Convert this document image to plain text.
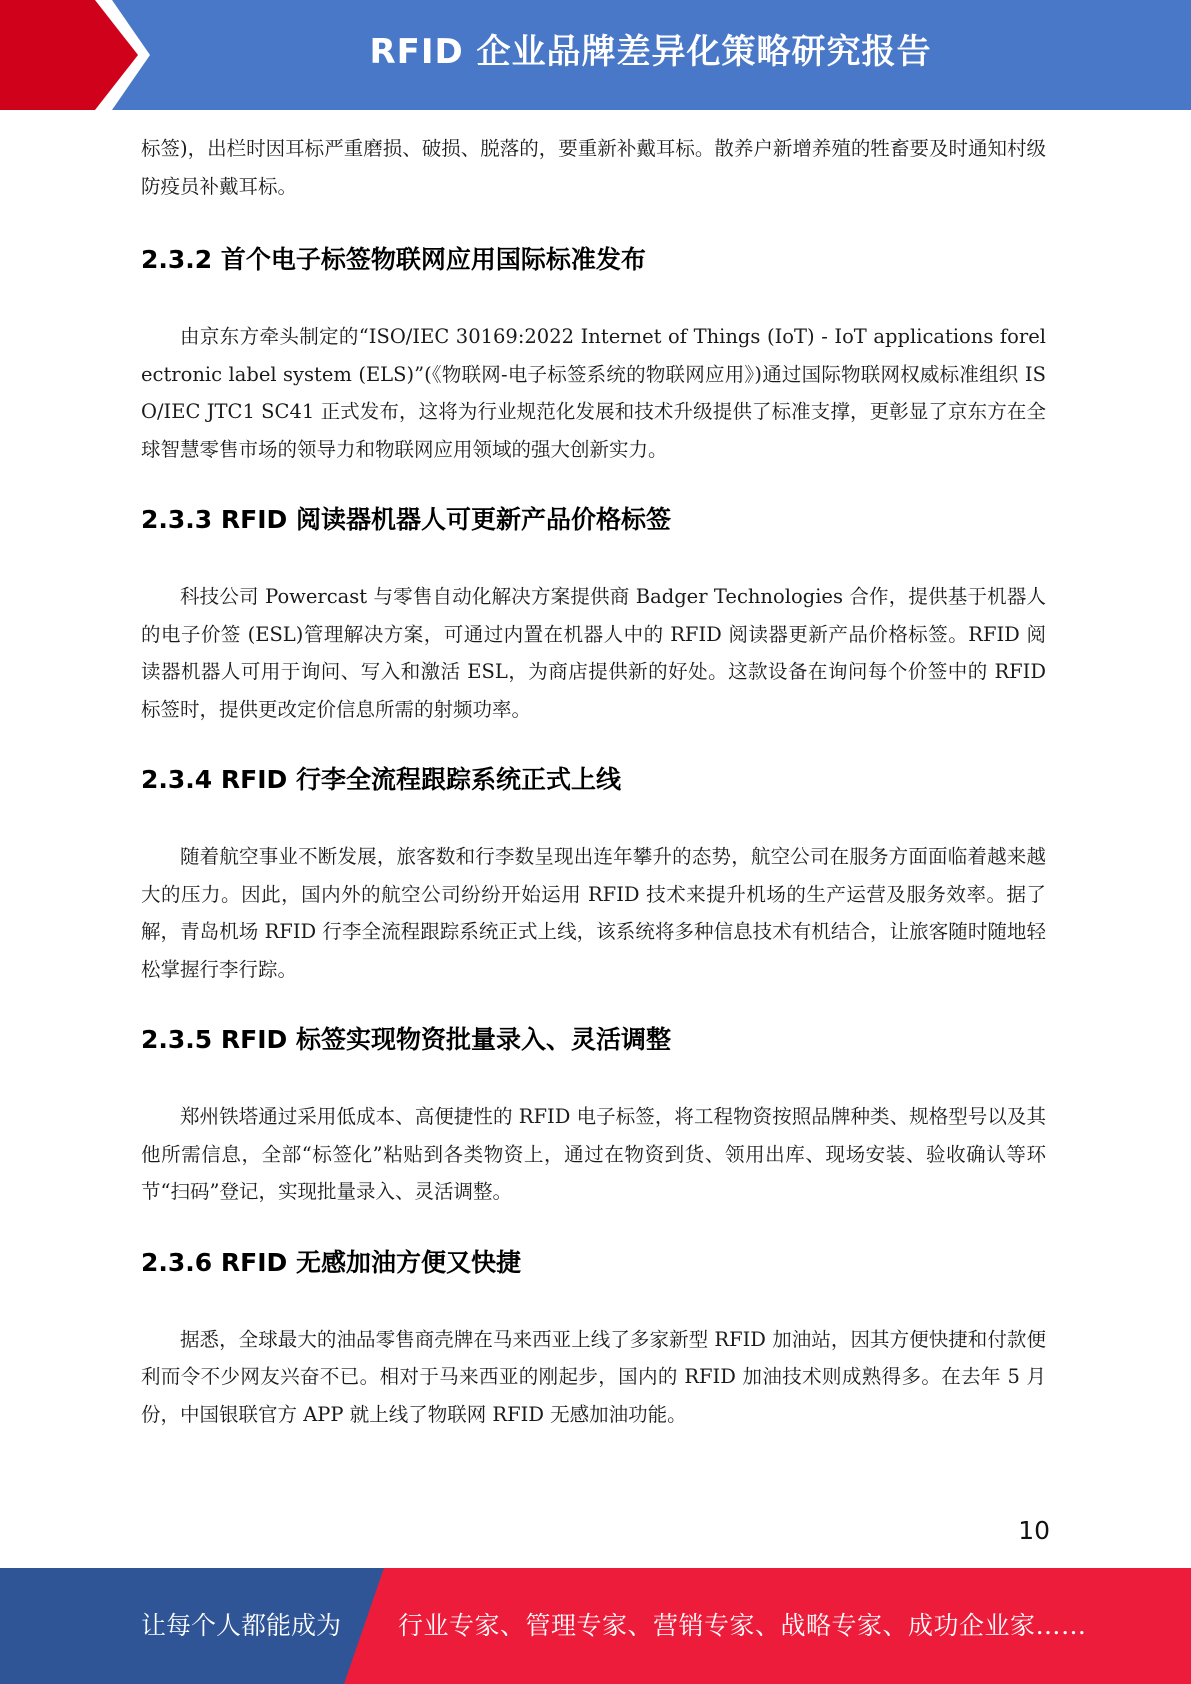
RFID 企业品牌差异化策略研究报告

标签)，出栏时因耳标严重磨损、破损、脱落的，要重新补戴耳标。散养户新增养殖的牲畜要及时通知村级防疫员补戴耳标。

2.3.2 首个电子标签物联网应用国际标准发布

由京东方牵头制定的“ISO/IEC 30169:2022 Internet of Things (IoT) - IoT applications forelectronic label system (ELS)”(《物联网-电子标签系统的物联网应用》)通过国际物联网权威标准组织 ISO/IEC JTC1 SC41 正式发布，这将为行业规范化发展和技术升级提供了标准支撑，更彰显了京东方在全球智慧零售市场的领导力和物联网应用领域的强大创新实力。

2.3.3 RFID 阅读器机器人可更新产品价格标签

科技公司 Powercast 与零售自动化解决方案提供商 Badger Technologies 合作，提供基于机器人的电子价签 (ESL)管理解决方案，可通过内置在机器人中的 RFID 阅读器更新产品价格标签。RFID 阅读器机器人可用于询问、写入和激活 ESL，为商店提供新的好处。这款设备在询问每个价签中的 RFID 标签时，提供更改定价信息所需的射频功率。

2.3.4 RFID 行李全流程跟踪系统正式上线

随着航空事业不断发展，旅客数和行李数呈现出连年攀升的态势，航空公司在服务方面面临着越来越大的压力。因此，国内外的航空公司纷纷开始运用 RFID 技术来提升机场的生产运营及服务效率。据了解，青岛机场 RFID 行李全流程跟踪系统正式上线，该系统将多种信息技术有机结合，让旅客随时随地轻松掌握行李行踪。

2.3.5 RFID 标签实现物资批量录入、灵活调整

郑州铁塔通过采用低成本、高便捷性的 RFID 电子标签，将工程物资按照品牌种类、规格型号以及其他所需信息，全部“标签化”粘贴到各类物资上，通过在物资到货、领用出库、现场安装、验收确认等环节“扫码”登记，实现批量录入、灵活调整。

2.3.6 RFID 无感加油方便又快捷

据悉，全球最大的油品零售商壳牌在马来西亚上线了多家新型 RFID 加油站，因其方便快捷和付款便利而令不少网友兴奋不已。相对于马来西亚的刚起步，国内的 RFID 加油技术则成熟得多。在去年 5 月份，中国银联官方 APP 就上线了物联网 RFID 无感加油功能。

10
让每个人都能成为 行业专家、管理专家、营销专家、战略专家、成功企业家……
